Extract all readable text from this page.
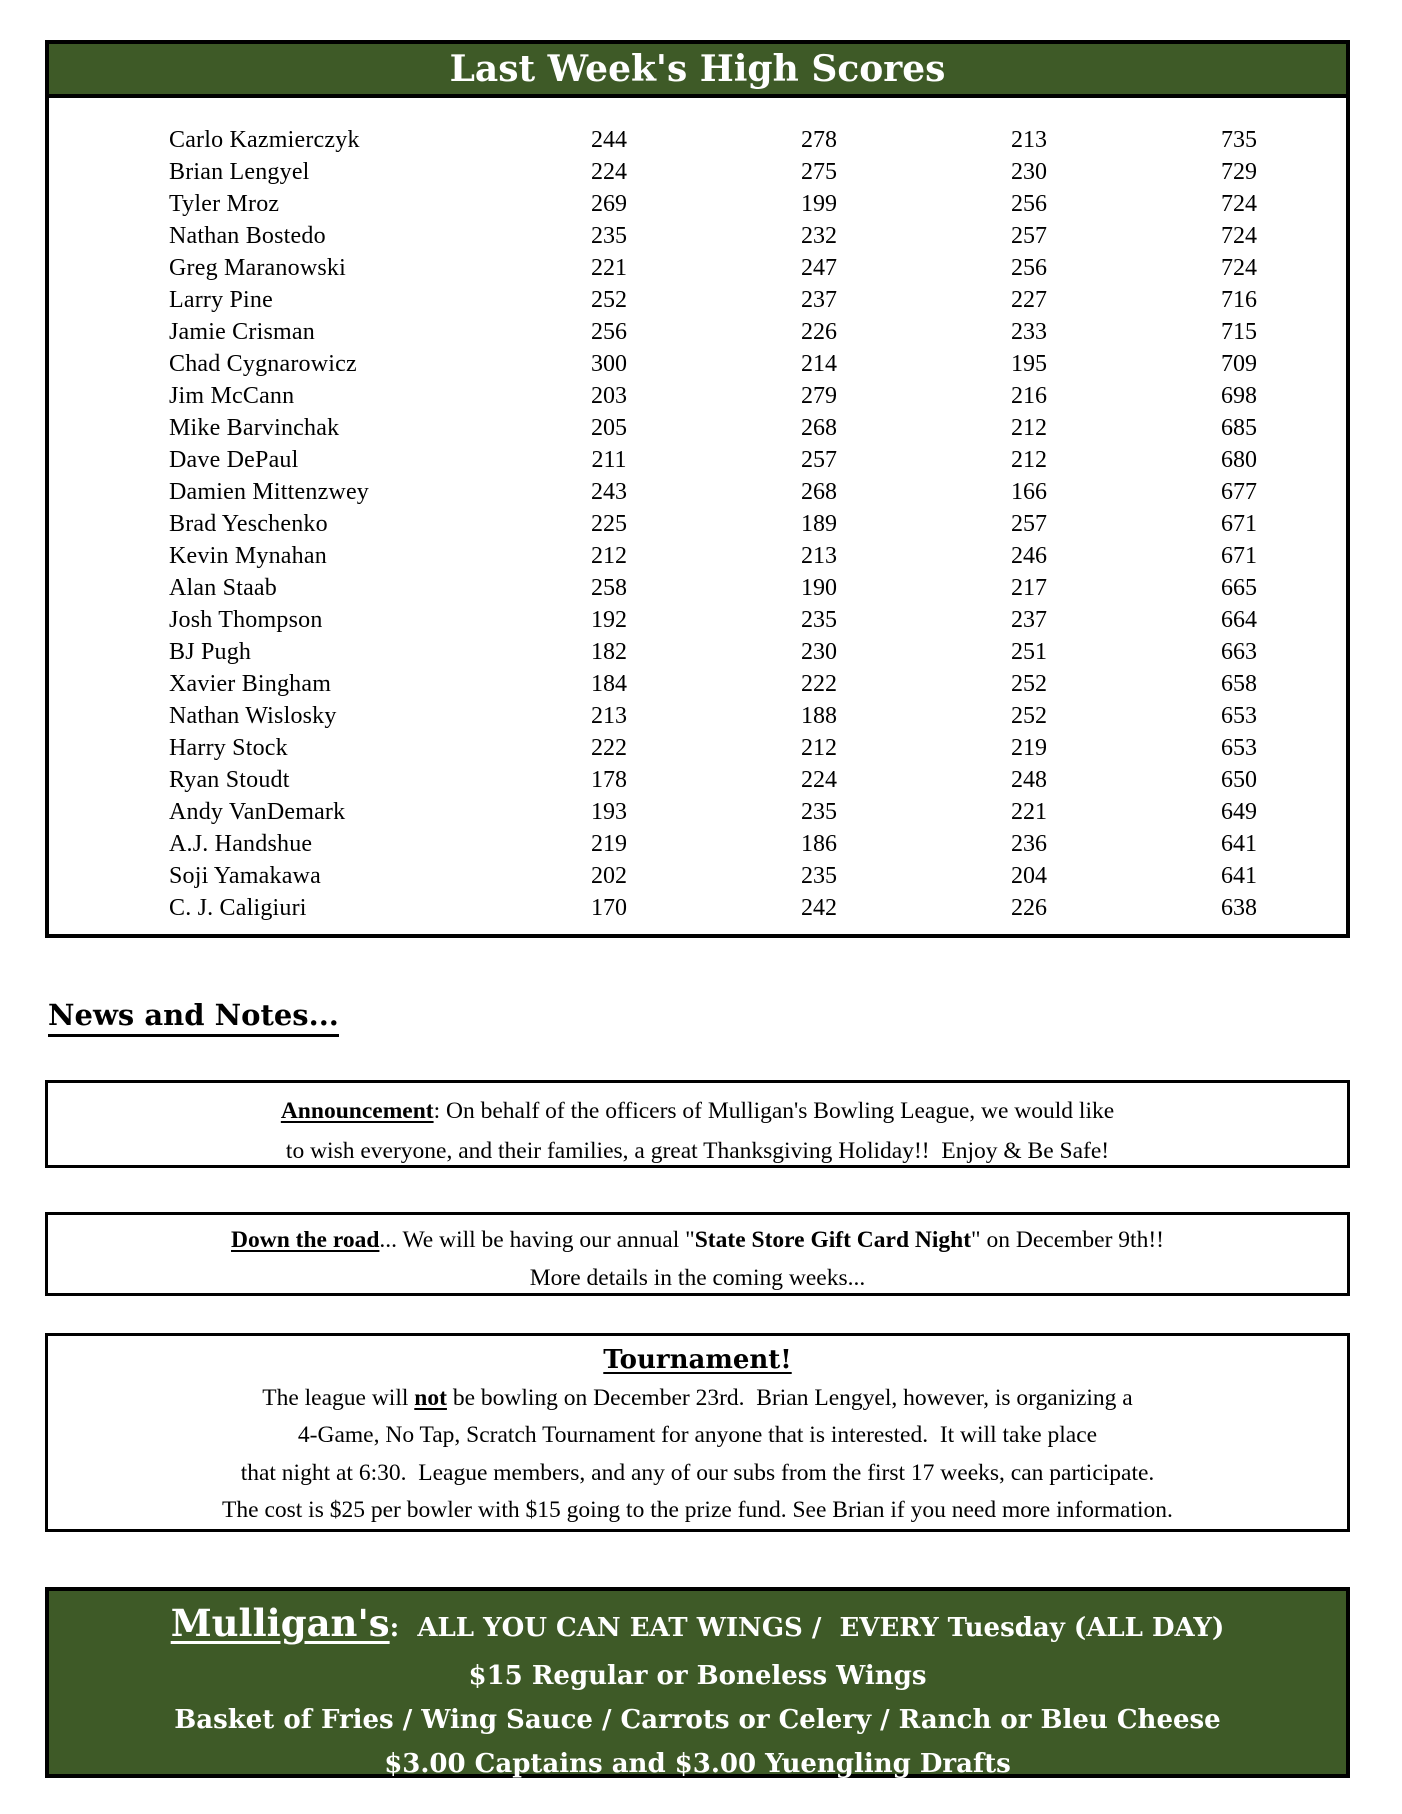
Last Week's High Scores
Carlo Kazmierczyk	244	278	213	735
Brian Lengyel	224	275	230	729
Tyler Mroz	269	199	256	724
Nathan Bostedo	235	232	257	724
Greg Maranowski	221	247	256	724
Larry Pine	252	237	227	716
Jamie Crisman	256	226	233	715
Chad Cygnarowicz	300	214	195	709
Jim McCann	203	279	216	698
Mike Barvinchak	205	268	212	685
Dave DePaul	211	257	212	680
Damien Mittenzwey	243	268	166	677
Brad Yeschenko	225	189	257	671
Kevin Mynahan	212	213	246	671
Alan Staab	258	190	217	665
Josh Thompson	192	235	237	664
BJ Pugh	182	230	251	663
Xavier Bingham	184	222	252	658
Nathan Wislosky	213	188	252	653
Harry Stock	222	212	219	653
Ryan Stoudt	178	224	248	650
Andy VanDemark	193	235	221	649
A.J. Handshue	219	186	236	641
Soji Yamakawa	202	235	204	641
C. J. Caligiuri	170	242	226	638
News and Notes...
Announcement: On behalf of the officers of Mulligan's Bowling League, we would like
to wish everyone, and their families, a great Thanksgiving Holiday!!  Enjoy & Be Safe!
Down the road... We will be having our annual "State Store Gift Card Night" on December 9th!!
More details in the coming weeks...
Tournament!
The league will not be bowling on December 23rd.  Brian Lengyel, however, is organizing a
4-Game, No Tap, Scratch Tournament for anyone that is interested.  It will take place
that night at 6:30.  League members, and any of our subs from the first 17 weeks, can participate.
The cost is $25 per bowler with $15 going to the prize fund. See Brian if you need more information.
Mulligan's:  ALL YOU CAN EAT WINGS /  EVERY Tuesday (ALL DAY)
$15 Regular or Boneless Wings
Basket of Fries / Wing Sauce / Carrots or Celery / Ranch or Bleu Cheese
$3.00 Captains and $3.00 Yuengling Drafts
